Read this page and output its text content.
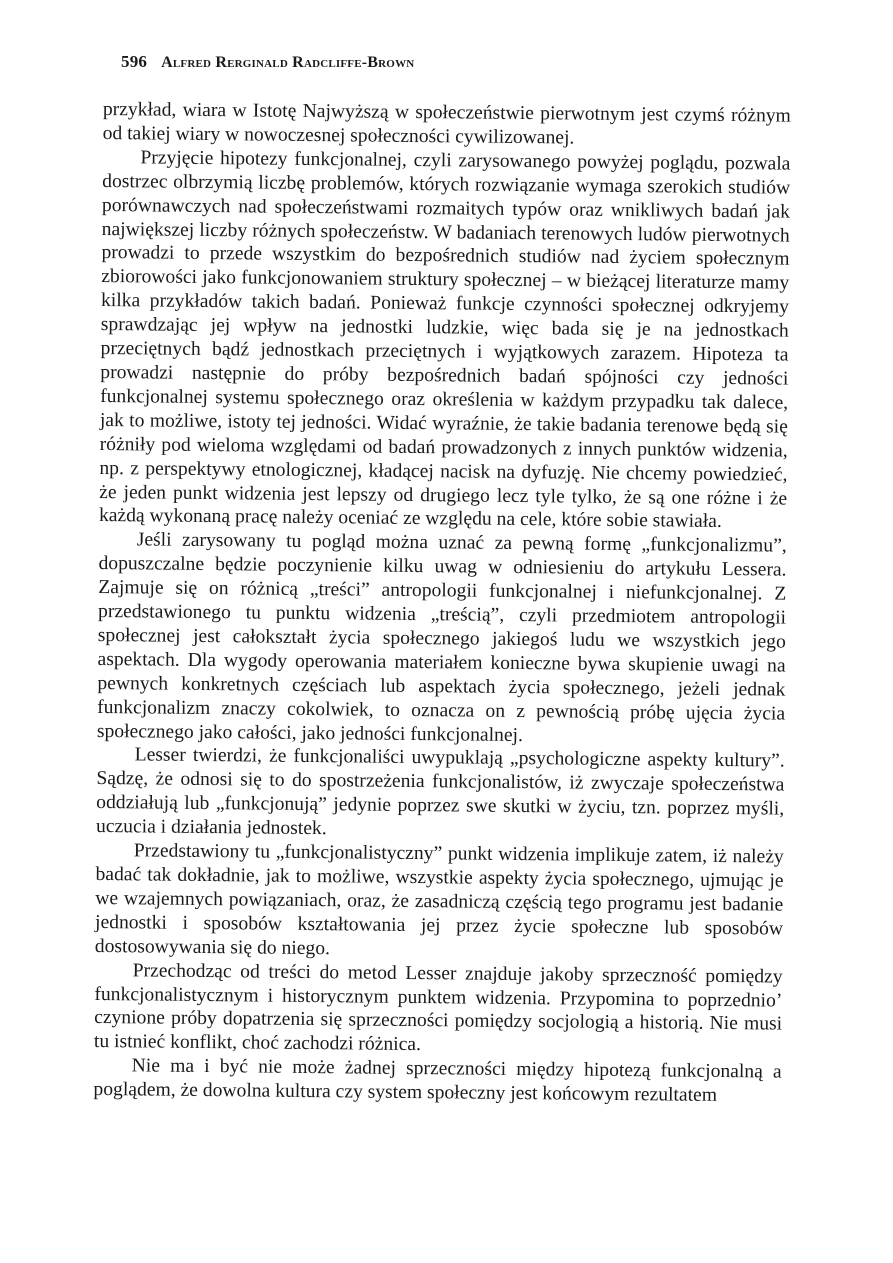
596 Alfred Rerginald Radcliffe-Brown

przykład, wiara w Istotę Najwyższą w społeczeństwie pierwotnym jest czymś różnym od takiej wiary w nowoczesnej społeczności cywilizowanej.

Przyjęcie hipotezy funkcjonalnej, czyli zarysowanego powyżej poglądu, pozwala dostrzec olbrzymią liczbę problemów, których rozwiązanie wymaga szerokich studiów porównawczych nad społeczeństwami rozmaitych typów oraz wnikliwych badań jak największej liczby różnych społeczeństw. W badaniach terenowych ludów pierwotnych prowadzi to przede wszystkim do bezpośrednich studiów nad życiem społecznym zbiorowości jako funkcjonowaniem struktury społecznej – w bieżącej literaturze mamy kilka przykładów takich badań. Ponieważ funkcje czynności społecznej odkryjemy sprawdzając jej wpływ na jednostki ludzkie, więc bada się je na jednostkach przeciętnych bądź jednostkach przeciętnych i wyjątkowych zarazem. Hipoteza ta prowadzi następnie do próby bezpośrednich badań spójności czy jedności funkcjonalnej systemu społecznego oraz określenia w każdym przypadku tak dalece, jak to możliwe, istoty tej jedności. Widać wyraźnie, że takie badania terenowe będą się różniły pod wieloma względami od badań prowadzonych z innych punktów widzenia, np. z perspektywy etnologicznej, kładącej nacisk na dyfuzję. Nie chcemy powiedzieć, że jeden punkt widzenia jest lepszy od drugiego lecz tyle tylko, że są one różne i że każdą wykonaną pracę należy oceniać ze względu na cele, które sobie stawiała.

Jeśli zarysowany tu pogląd można uznać za pewną formę „funkcjonalizmu”, dopuszczalne będzie poczynienie kilku uwag w odniesieniu do artykułu Lessera. Zajmuje się on różnicą „treści” antropologii funkcjonalnej i niefunkcjonalnej. Z przedstawionego tu punktu widzenia „treścią”, czyli przedmiotem antropologii społecznej jest całokształt życia społecznego jakiegoś ludu we wszystkich jego aspektach. Dla wygody operowania materiałem konieczne bywa skupienie uwagi na pewnych konkretnych częściach lub aspektach życia społecznego, jeżeli jednak funkcjonalizm znaczy cokolwiek, to oznacza on z pewnością próbę ujęcia życia społecznego jako całości, jako jedności funkcjonalnej.

Lesser twierdzi, że funkcjonaliści uwypuklają „psychologiczne aspekty kultury”. Sądzę, że odnosi się to do spostrzeżenia funkcjonalistów, iż zwyczaje społeczeństwa oddziałują lub „funkcjonują” jedynie poprzez swe skutki w życiu, tzn. poprzez myśli, uczucia i działania jednostek.

Przedstawiony tu „funkcjonalistyczny” punkt widzenia implikuje zatem, iż należy badać tak dokładnie, jak to możliwe, wszystkie aspekty życia społecznego, ujmując je we wzajemnych powiązaniach, oraz, że zasadniczą częścią tego programu jest badanie jednostki i sposobów kształtowania jej przez życie społeczne lub sposobów dostosowywania się do niego.

Przechodząc od treści do metod Lesser znajduje jakoby sprzeczność pomiędzy funkcjonalistycznym i historycznym punktem widzenia. Przypomina to poprzednio’ czynione próby dopatrzenia się sprzeczności pomiędzy socjologią a historią. Nie musi tu istnieć konflikt, choć zachodzi różnica.

Nie ma i być nie może żadnej sprzeczności między hipotezą funkcjonalną a poglądem, że dowolna kultura czy system społeczny jest końcowym rezultatem
